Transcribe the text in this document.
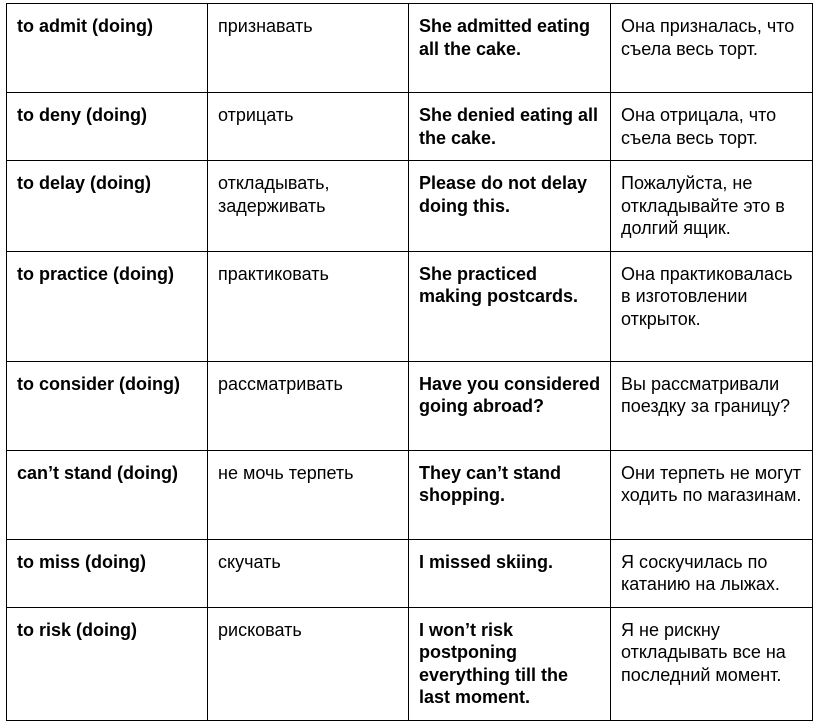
to admit (doing)	признавать	She admitted eating all the cake.	Она призналась, что съела весь торт.
to deny (doing)	отрицать	She denied eating all the cake.	Она отрицала, что съела весь торт.
to delay (doing)	откладывать, задерживать	Please do not delay doing this.	Пожалуйста, не откладывайте это в долгий ящик.
to practice (doing)	практиковать	She practiced making postcards.	Она практиковалась в изготовлении открыток.
to consider (doing)	рассматривать	Have you considered going abroad?	Вы рассматривали поездку за границу?
can’t stand (doing)	не мочь терпеть	They can’t stand shopping.	Они терпеть не могут ходить по магазинам.
to miss (doing)	скучать	I missed skiing.	Я соскучилась по катанию на лыжах.
to risk (doing)	рисковать	I won’t risk postponing everything till the last moment.	Я не рискну откладывать все на последний момент.
